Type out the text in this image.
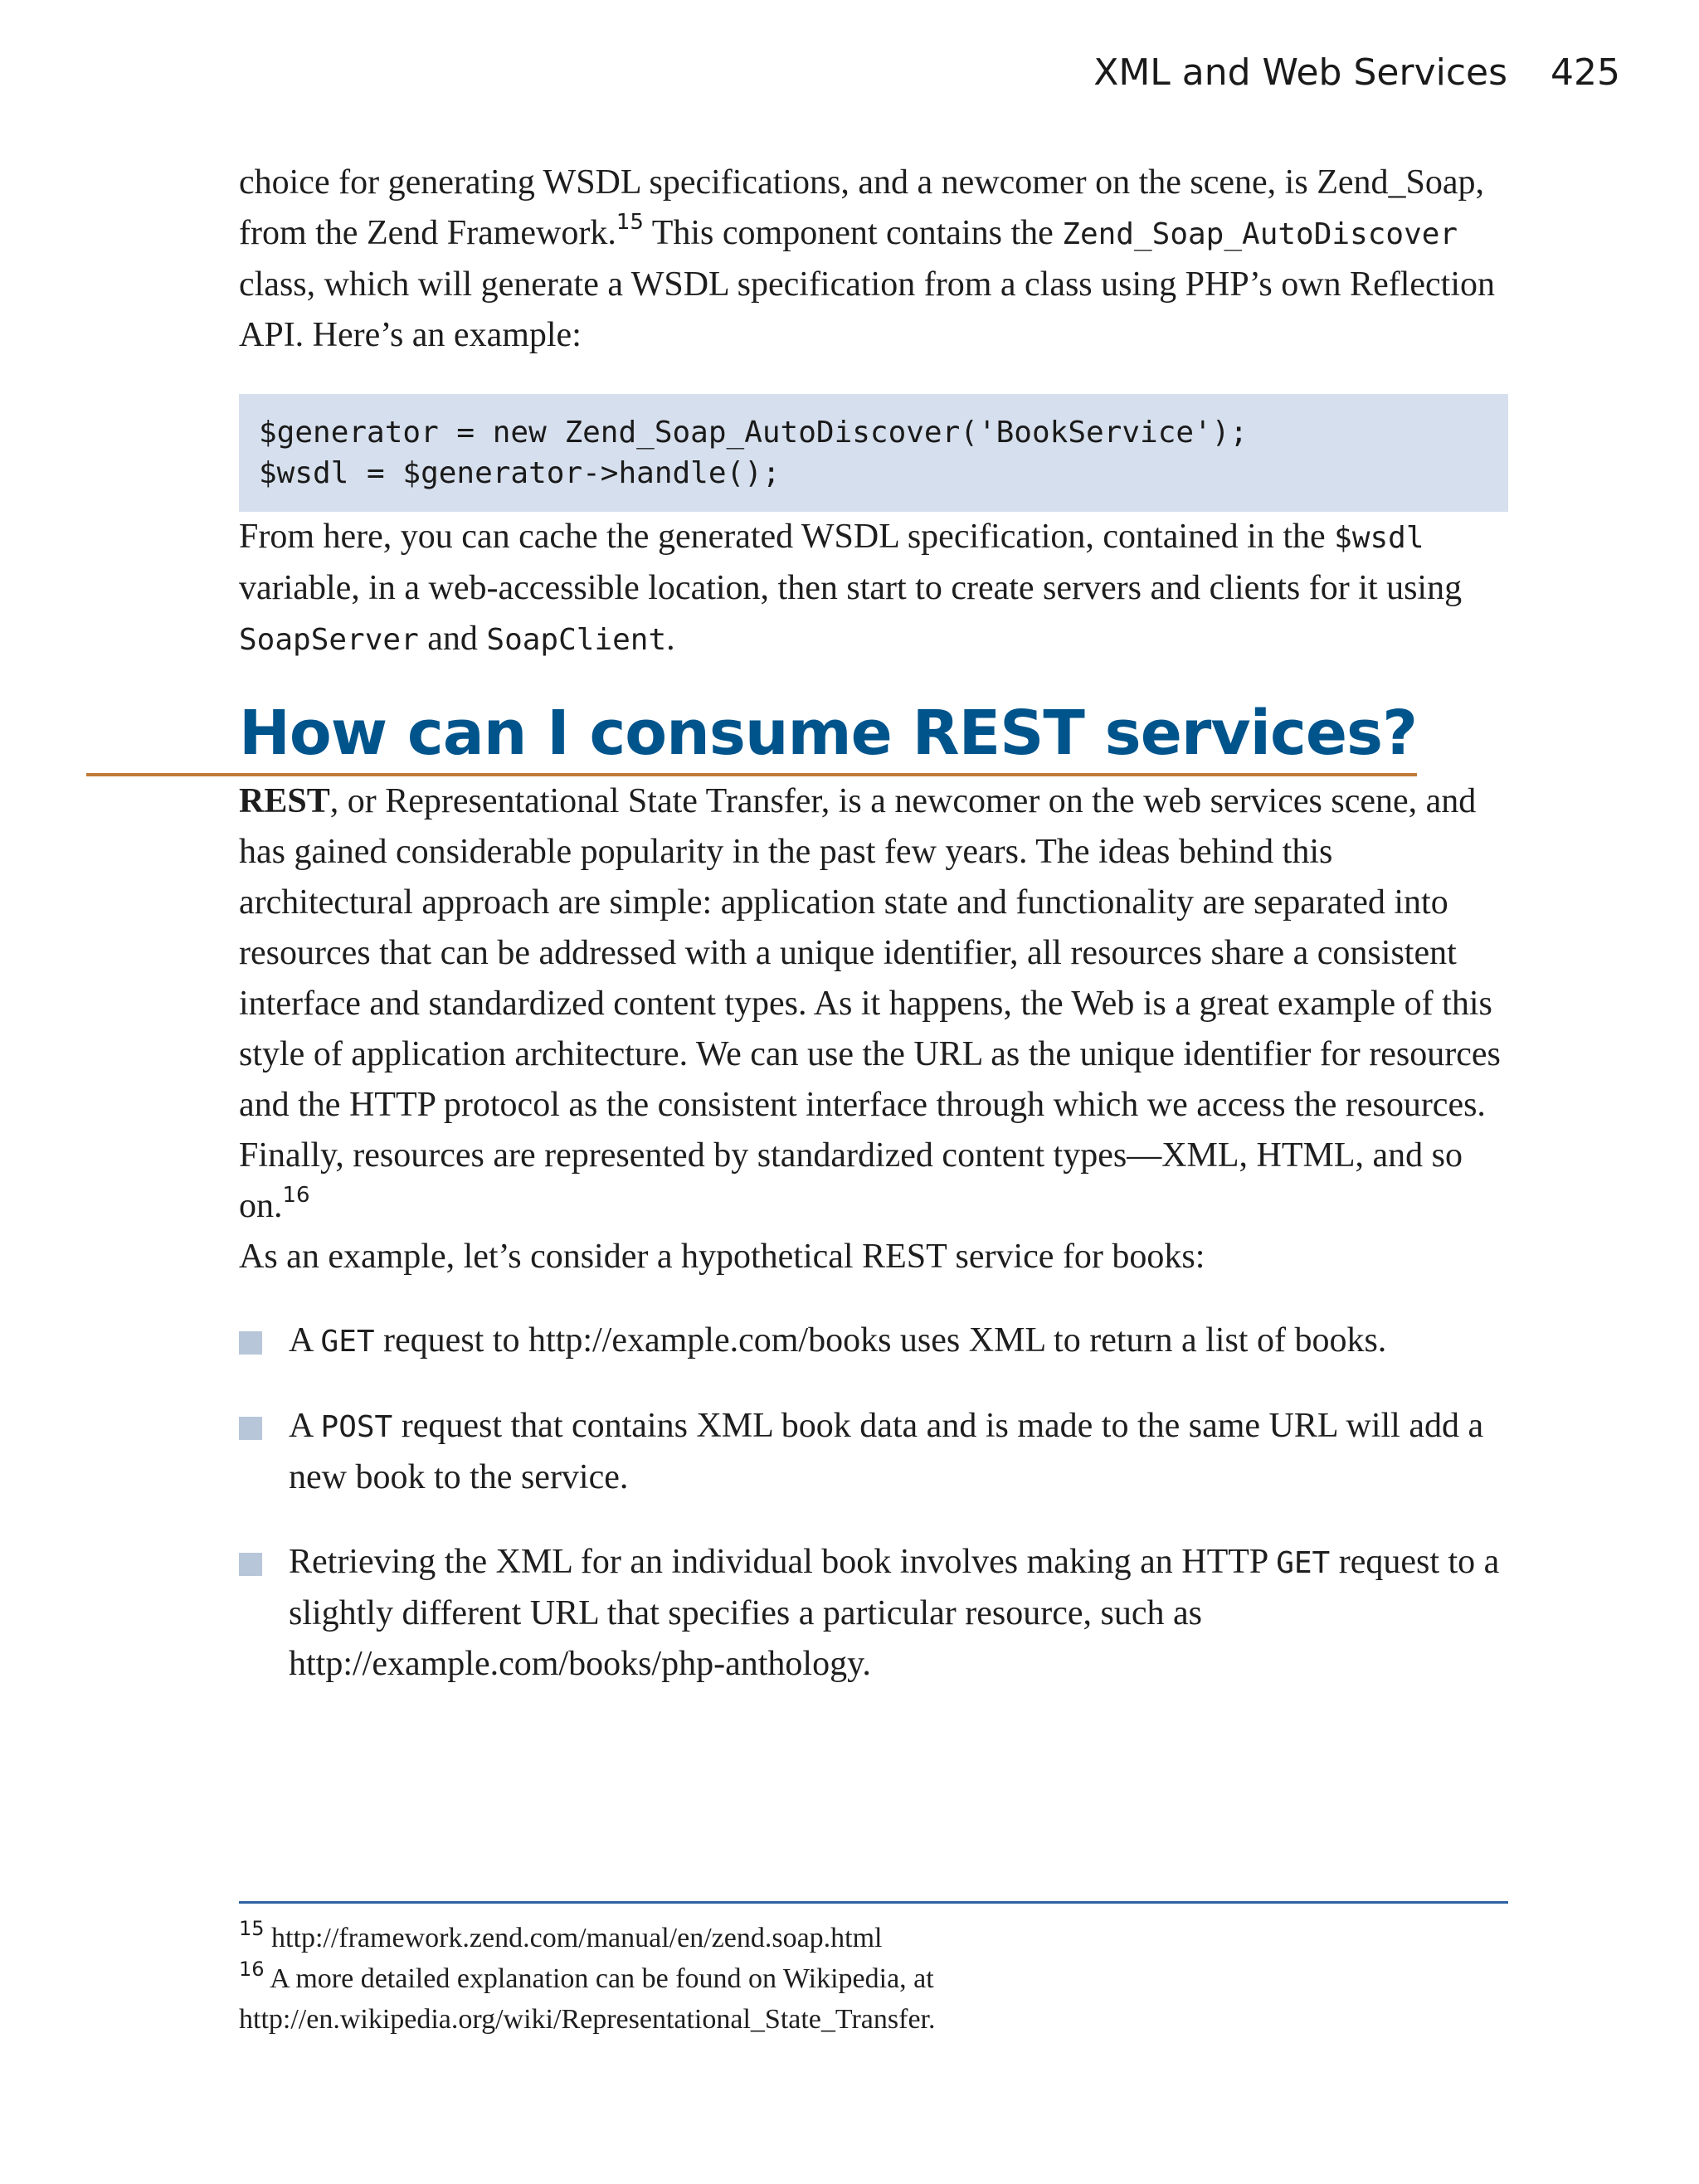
XML and Web Services 425

choice for generating WSDL specifications, and a newcomer on the scene, is Zend_Soap, from the Zend Framework.$^{15}$ This component contains the Zend_Soap_AutoDiscover class, which will generate a WSDL specification from a class using PHP’s own Reflection API. Here’s an example:

$generator = new Zend_Soap_AutoDiscover('BookService');
$wsdl = $generator->handle();

From here, you can cache the generated WSDL specification, contained in the $wsdl variable, in a web-accessible location, then start to create servers and clients for it using SoapServer and SoapClient.

How can I consume REST services?

REST, or Representational State Transfer, is a newcomer on the web services scene, and has gained considerable popularity in the past few years. The ideas behind this architectural approach are simple: application state and functionality are separated into resources that can be addressed with a unique identifier, all resources share a consistent interface and standardized content types. As it happens, the Web is a great example of this style of application architecture. We can use the URL as the unique identifier for resources and the HTTP protocol as the consistent interface through which we access the resources. Finally, resources are represented by standardized content types—XML, HTML, and so on.$^{16}$

As an example, let’s consider a hypothetical REST service for books:

A GET request to http://example.com/books uses XML to return a list of books.
A POST request that contains XML book data and is made to the same URL will add a new book to the service.
Retrieving the XML for an individual book involves making an HTTP GET request to a slightly different URL that specifies a particular resource, such as http://example.com/books/php-anthology.
$^{15}$ http://framework.zend.com/manual/en/zend.soap.html
$^{16}$ A more detailed explanation can be found on Wikipedia, at http://en.wikipedia.org/wiki/Representational_State_Transfer.
